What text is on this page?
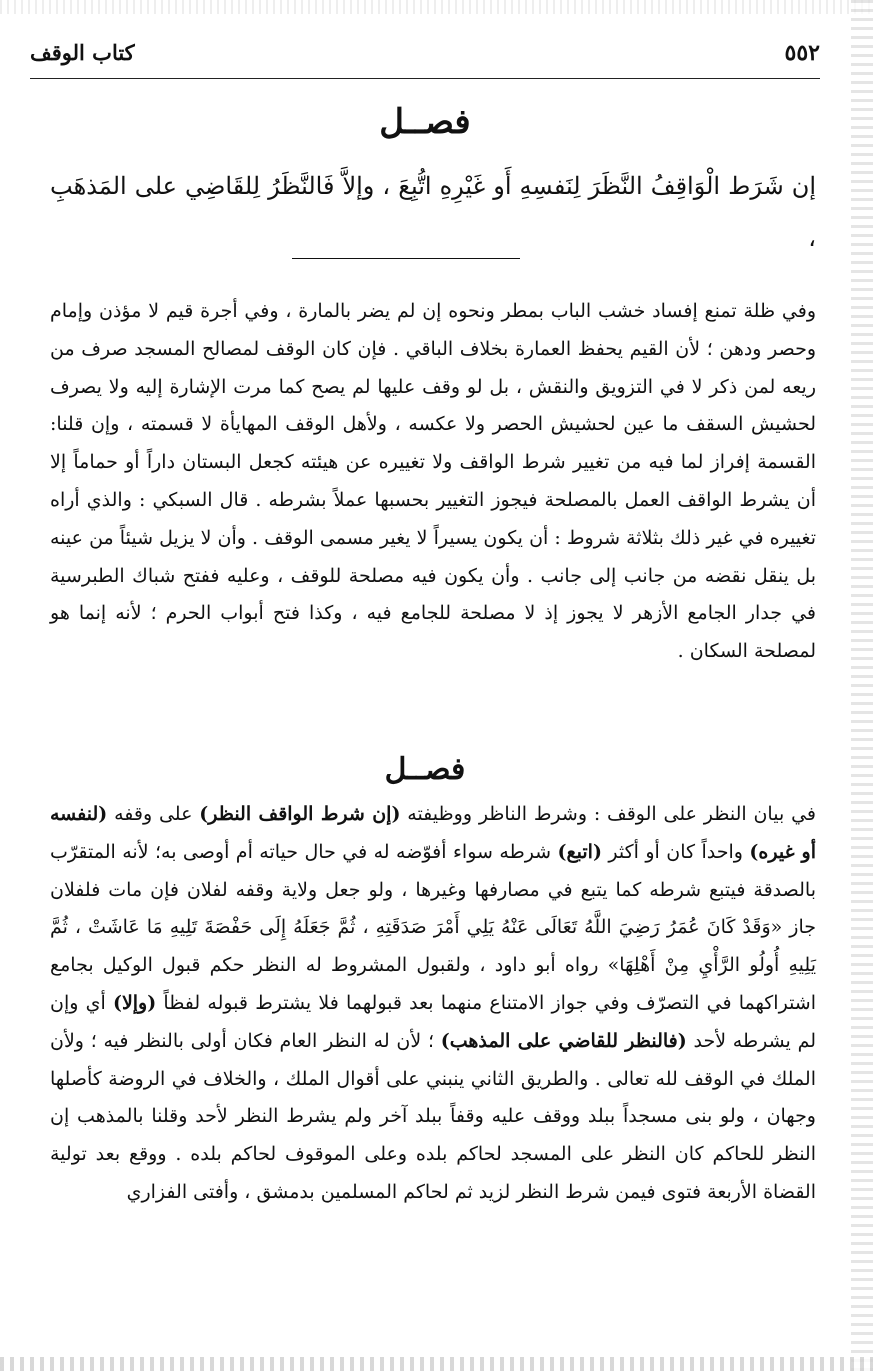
٥٥٢
كتاب الوقف
فصــل
إن شَرَط الْوَاقِفُ النَّظَرَ لِنَفسِهِ أَو غَيْرِهِ اتُّبِعَ ، وإلاَّ فَالنَّظَرُ لِلقَاضِي على المَذهَبِ ،
وفي ظلة تمنع إفساد خشب الباب بمطر ونحوه إن لم يضر بالمارة ، وفي أجرة قيم لا مؤذن وإمام وحصر ودهن ؛ لأن القيم يحفظ العمارة بخلاف الباقي . فإن كان الوقف لمصالح المسجد صرف من ريعه لمن ذكر لا في التزويق والنقش ، بل لو وقف عليها لم يصح كما مرت الإشارة إليه ولا يصرف لحشيش السقف ما عين لحشيش الحصر ولا عكسه ، ولأهل الوقف المهايأة لا قسمته ، وإن قلنا: القسمة إفراز لما فيه من تغيير شرط الواقف ولا تغييره عن هيئته كجعل البستان داراً أو حماماً إلا أن يشرط الواقف العمل بالمصلحة فيجوز التغيير بحسبها عملاً بشرطه . قال السبكي : والذي أراه تغييره في غير ذلك بثلاثة شروط : أن يكون يسيراً لا يغير مسمى الوقف . وأن لا يزيل شيئاً من عينه بل ينقل نقضه من جانب إلى جانب . وأن يكون فيه مصلحة للوقف ، وعليه ففتح شباك الطبرسية في جدار الجامع الأزهر لا يجوز إذ لا مصلحة للجامع فيه ، وكذا فتح أبواب الحرم ؛ لأنه إنما هو لمصلحة السكان .
فصــل
في بيان النظر على الوقف : وشرط الناظر ووظيفته (إن شرط الواقف النظر) على وقفه (لنفسه أو غيره) واحداً كان أو أكثر (اتبع) شرطه سواء أفوّضه له في حال حياته أم أوصى به؛ لأنه المتقرّب بالصدقة فيتبع شرطه كما يتبع في مصارفها وغيرها ، ولو جعل ولاية وقفه لفلان فإن مات فلفلان جاز «وَقَدْ كَانَ عُمَرُ رَضِيَ اللَّهُ تَعَالَى عَنْهُ يَلِي أَمْرَ صَدَقَتِهِ ، ثُمَّ جَعَلَهُ إِلَى حَفْصَةَ تَلِيهِ مَا عَاشَتْ ، ثُمَّ يَلِيهِ أُولُو الرَّأْيِ مِنْ أَهْلِهَا» رواه أبو داود ، ولقبول المشروط له النظر حكم قبول الوكيل بجامع اشتراكهما في التصرّف وفي جواز الامتناع منهما بعد قبولهما فلا يشترط قبوله لفظاً (وإلا) أي وإن لم يشرطه لأحد (فالنظر للقاضي على المذهب) ؛ لأن له النظر العام فكان أولى بالنظر فيه ؛ ولأن الملك في الوقف لله تعالى . والطريق الثاني ينبني على أقوال الملك ، والخلاف في الروضة كأصلها وجهان ، ولو بنى مسجداً ببلد ووقف عليه وقفاً ببلد آخر ولم يشرط النظر لأحد وقلنا بالمذهب إن النظر للحاكم كان النظر على المسجد لحاكم بلده وعلى الموقوف لحاكم بلده . ووقع بعد تولية القضاة الأربعة فتوى فيمن شرط النظر لزيد ثم لحاكم المسلمين بدمشق ، وأفتى الفزاري
